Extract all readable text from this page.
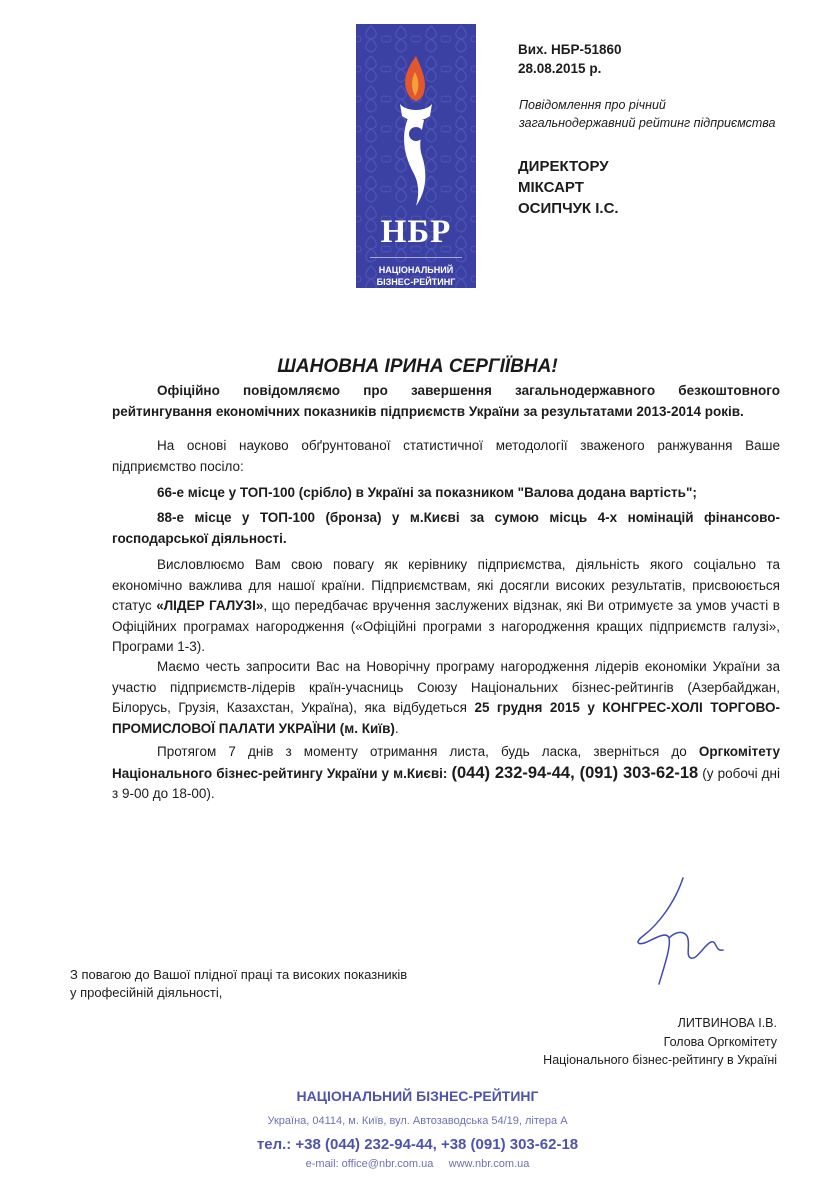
НБР
НАЦІОНАЛЬНИЙ
БІЗНЕС-РЕЙТИНГ
Вих. НБР-51860
28.08.2015 р.
Повідомлення про річний
загальнодержавний рейтинг підприємства
ДИРЕКТОРУ
МІКСАРТ
ОСИПЧУК І.С.
ШАНОВНА ІРИНА СЕРГІЇВНА!
Офіційно повідомляємо про завершення загальнодержавного безкоштовного рейтингування економічних показників підприємств України за результатами 2013-2014 років.
На основі науково обґрунтованої статистичної методології зваженого ранжування Ваше підприємство посіло:
66-е місце у ТОП-100 (срібло) в Україні за показником "Валова додана вартість";
88-е місце у ТОП-100 (бронза) у м.Києві за сумою місць 4-х номінацій фінансово-господарської діяльності.
Висловлюємо Вам свою повагу як керівнику підприємства, діяльність якого соціально та економічно важлива для нашої країни. Підприємствам, які досягли високих результатів, присвоюється статус «ЛІДЕР ГАЛУЗІ», що передбачає вручення заслужених відзнак, які Ви отримуєте за умов участі в Офіційних програмах нагородження («Офіційні програми з нагородження кращих підприємств галузі», Програми 1-3).
Маємо честь запросити Вас на Новорічну програму нагородження лідерів економіки України за участю підприємств-лідерів країн-учасниць Союзу Національних бізнес-рейтингів (Азербайджан, Білорусь, Грузія, Казахстан, Україна), яка відбудеться 25 грудня 2015 у КОНГРЕС-ХОЛІ ТОРГОВО-ПРОМИСЛОВОЇ ПАЛАТИ УКРАЇНИ (м. Київ).
Протягом 7 днів з моменту отримання листа, будь ласка, зверніться до Оргкомітету Національного бізнес-рейтингу України у м.Києві: (044) 232-94-44, (091) 303-62-18 (у робочі дні з 9-00 до 18-00).
З повагою до Вашої плідної праці та високих показників
у професійній діяльності,
ЛИТВИНОВА І.В.
Голова Оргкомітету
Національного бізнес-рейтингу в Україні
НАЦІОНАЛЬНИЙ БІЗНЕС-РЕЙТИНГ
Україна, 04114, м. Київ, вул. Автозаводська 54/19, літера А
тел.: +38 (044) 232-94-44, +38 (091) 303-62-18
e-mail: office@nbr.com.ua www.nbr.com.ua
